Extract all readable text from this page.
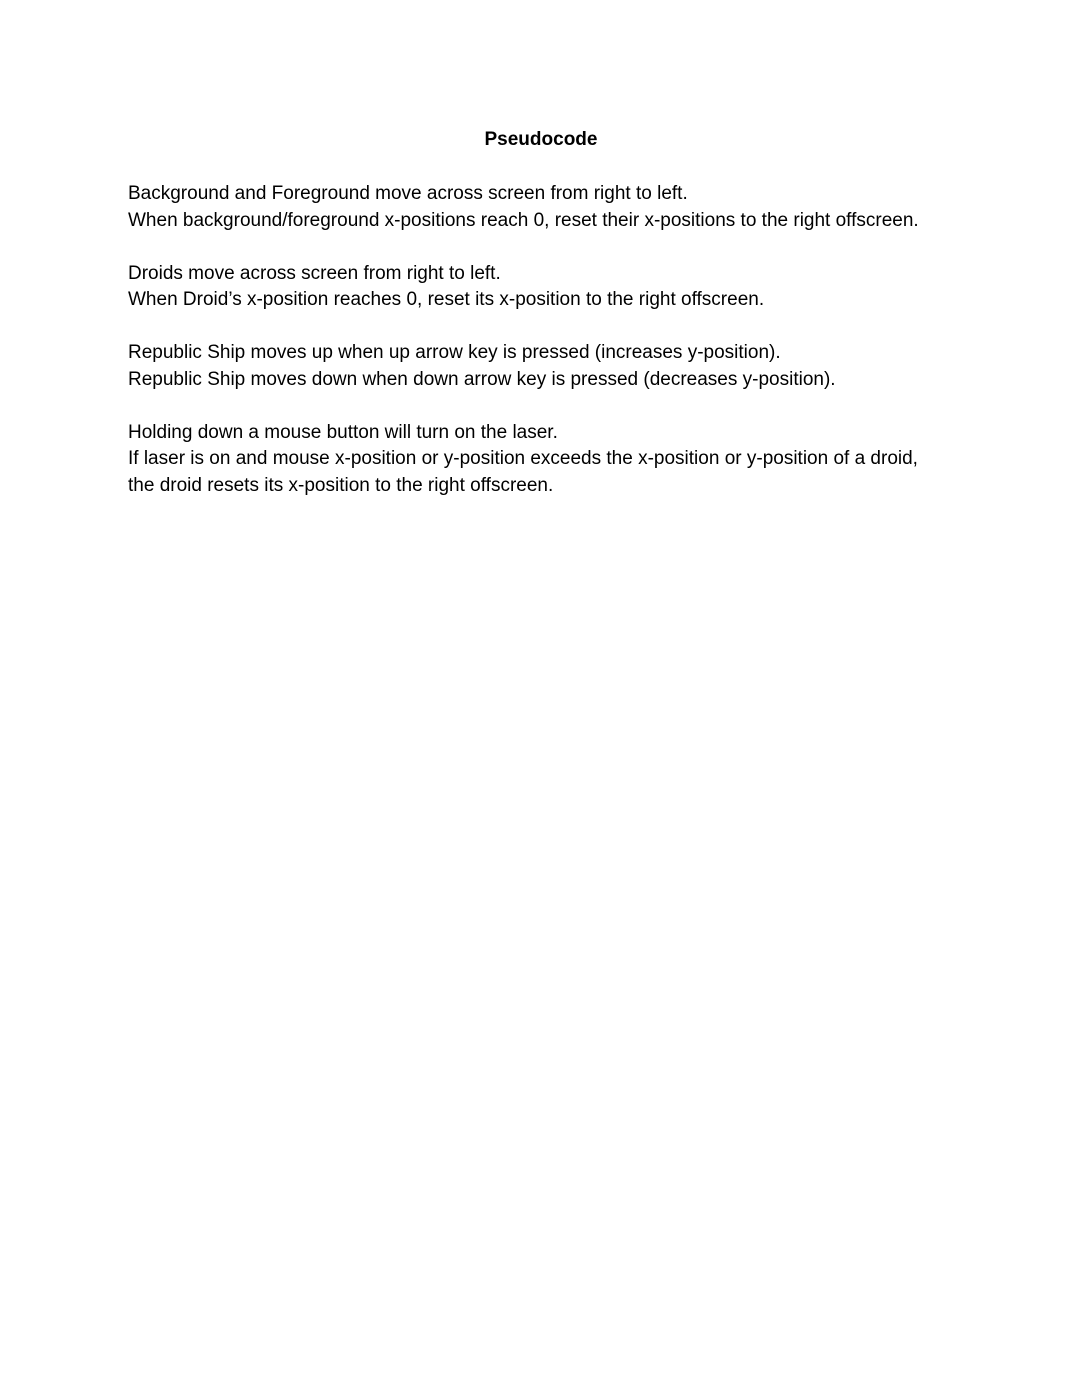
Pseudocode

Background and Foreground move across screen from right to left.
When background/foreground x-positions reach 0, reset their x-positions to the right offscreen.

Droids move across screen from right to left.
When Droid’s x-position reaches 0, reset its x-position to the right offscreen.

Republic Ship moves up when up arrow key is pressed (increases y-position).
Republic Ship moves down when down arrow key is pressed (decreases y-position).

Holding down a mouse button will turn on the laser.
If laser is on and mouse x-position or y-position exceeds the x-position or y-position of a droid,
the droid resets its x-position to the right offscreen.
